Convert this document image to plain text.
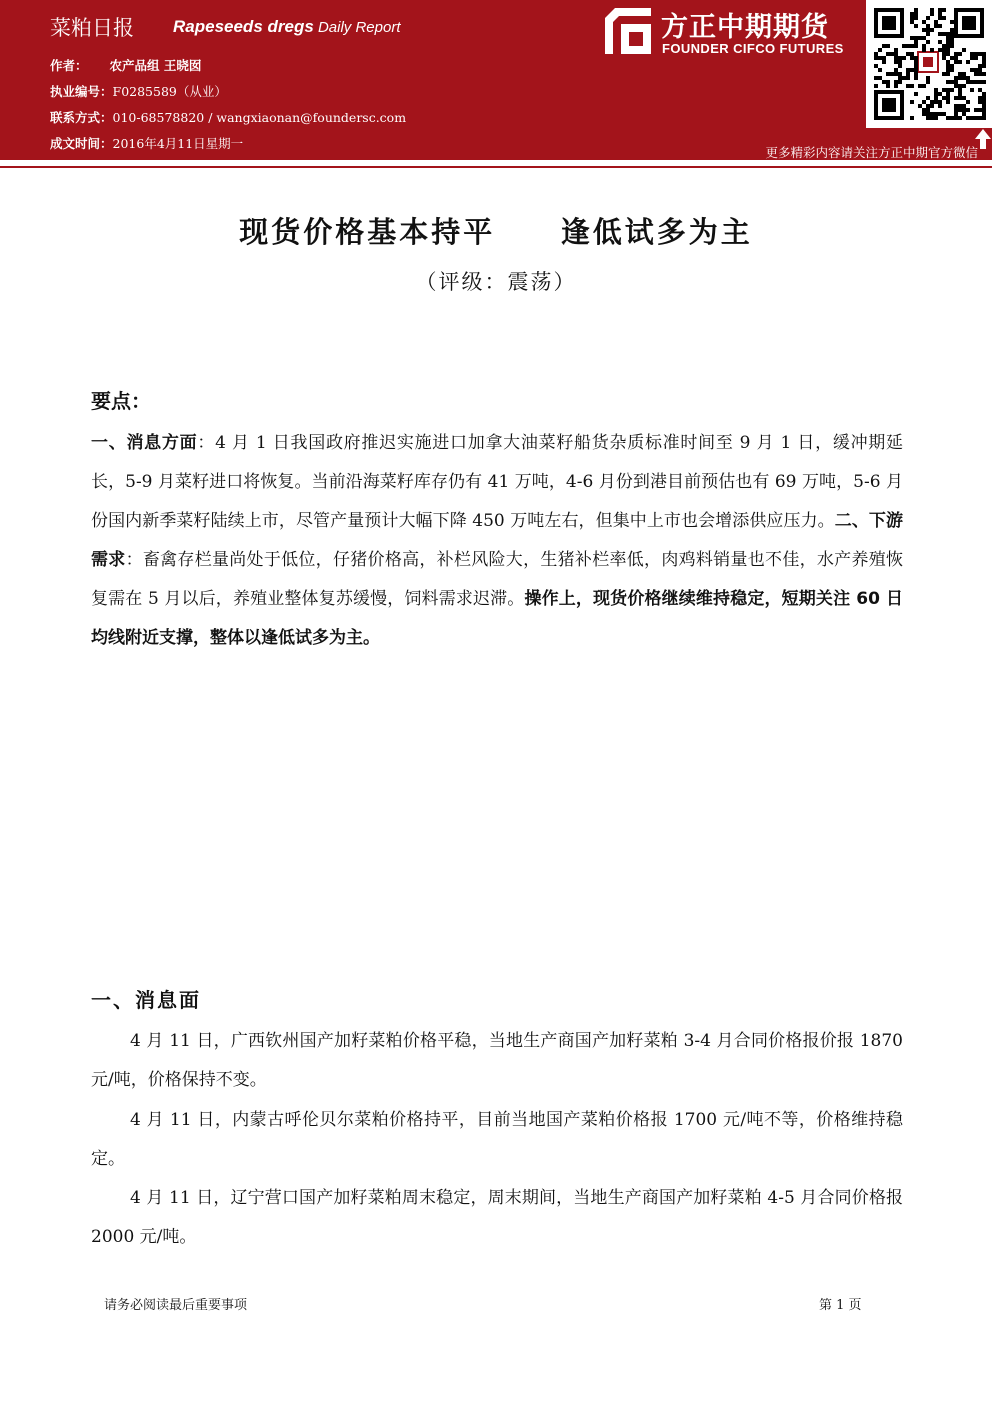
菜粕日报 Rapeseeds dregs Daily Report
作者： 农产品组 王晓囡
执业编号：F0285589（从业）
联系方式：010-68578820 / wangxiaonan@foundersc.com
成文时间：2016年4月11日星期一
方正中期期货
FOUNDER CIFCO FUTURES
更多精彩内容请关注方正中期官方微信
现货价格基本持平     逢低试多为主
（评级：震荡）
要点：
一、消息方面：4 月 1 日我国政府推迟实施进口加拿大油菜籽船货杂质标准时间至 9 月 1 日，缓冲期延长，5-9 月菜籽进口将恢复。当前沿海菜籽库存仍有 41 万吨，4-6 月份到港目前预估也有 69 万吨，5-6 月份国内新季菜籽陆续上市，尽管产量预计大幅下降 450 万吨左右，但集中上市也会增添供应压力。二、下游需求：畜禽存栏量尚处于低位，仔猪价格高，补栏风险大，生猪补栏率低，肉鸡料销量也不佳，水产养殖恢复需在 5 月以后，养殖业整体复苏缓慢，饲料需求迟滞。操作上，现货价格继续维持稳定，短期关注 60 日均线附近支撑，整体以逢低试多为主。
一、消息面
4 月 11 日，广西钦州国产加籽菜粕价格平稳，当地生产商国产加籽菜粕 3-4 月合同价格报价报 1870 元/吨，价格保持不变。
4 月 11 日，内蒙古呼伦贝尔菜粕价格持平，目前当地国产菜粕价格报 1700 元/吨不等，价格维持稳定。
4 月 11 日，辽宁营口国产加籽菜粕周末稳定，周末期间，当地生产商国产加籽菜粕 4-5 月合同价格报 2000 元/吨。
请务必阅读最后重要事项	第 1 页
